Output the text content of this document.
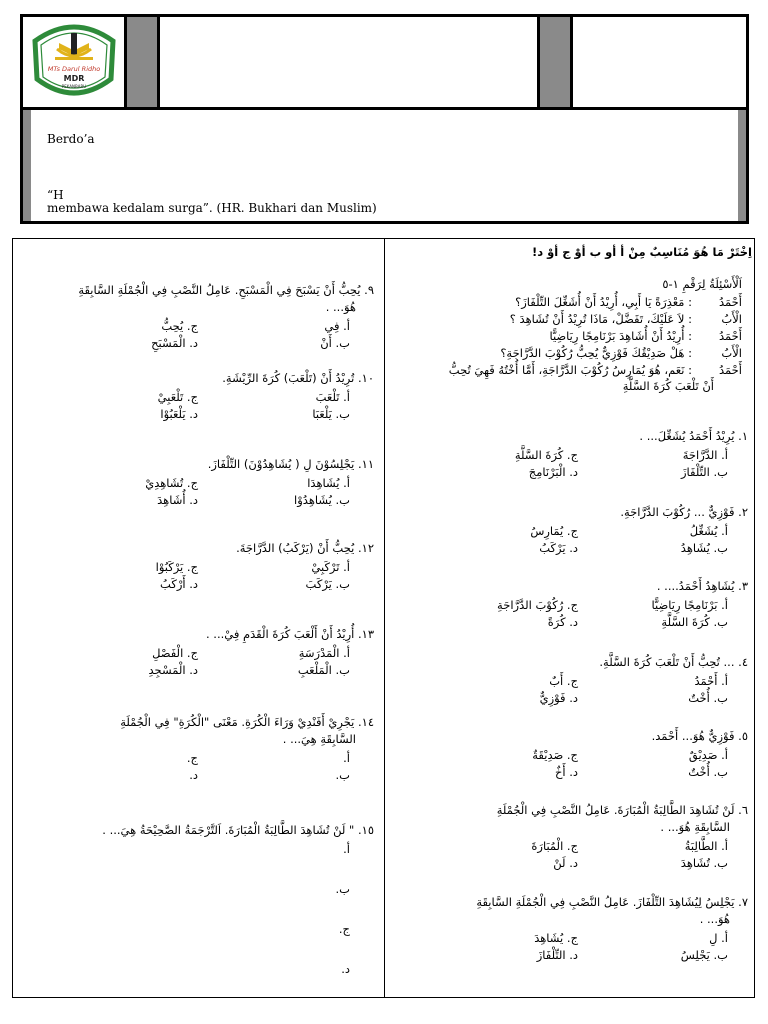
MTs Darul Ridho
MDR
PEKANBARU
Berdo’a
“H
membawa kedalam surga”. (HR. Bukhari dan Muslim)
اِخْتَرْ مَا هُوَ مُنَاسِبٌ مِنْ أ أو ب أوْ ج أوْ د!
اَلْأَسْئِلَةُ لِرَقْمِ ١-٥
أَحْمَدُ
: مَعْذِرَةً يَا أَبِي، أُرِيْدُ أَنْ أُشَغِّلَ التِّلْفَازَ؟
الْأَبُ
: لاَ عَلَيْكَ، تَفَضَّلْ، مَاذَا تُرِيْدُ أَنْ تُشَاهِدَ ؟
أَحْمَدُ
: أُرِيْدُ أَنْ أُشَاهِدَ بَرْنَامِجًا رِيَاضِيًّا
الْأَبُ
: هَلْ صَدِيْقُكَ فَوْزِيٌّ يُحِبُّ رُكُوْبَ الدَّرَّاجَةِ؟
أَحْمَدُ
: نَعَم، هُوَ يُمَارِسُ رُكُوْبَ الدَّرَّاجَةِ، أَمَّا أُخْتُهُ فَهِيَ تُحِبُّ
أَنْ تَلْعَبَ كُرَةَ السَّلَّةِ
١. يُرِيْدُ أَحْمَدُ يُشَغِّلَ... .
أ. الدَّرَّاجَةَ
ب. التِّلْفَازَ
ج. كُرَةَ السَّلَّةِ
د. الْبَرْنَامِجَ
٢. فَوْزِيٌّ ... رُكُوْبَ الدَّرَّاجَةِ.
أ. يُشَغِّلُ
ب. يُشَاهِدُ
ج. يُمَارِسُ
د. يَرْكَبُ
٣. يُشَاهِدُ أَحْمَدُ.... .
أ. بَرْنَامِجًا رِيَاضِيًّا
ب. كُرَةَ السَّلَّةِ
ج. رُكُوْبَ الدَّرَّاجَةِ
د. كُرَةً
٤. ... تُحِبُّ أَنْ تَلْعَبَ كُرَةَ السَّلَّةِ.
أ. أَحْمَدُ
ب. أُخْتٌ
ج. أَبٌ
د. فَوْزِيٌّ
٥. فَوْزِيٌّ هُوَ... أَحْمَد.
أ. صَدِيْقٌ
ب. أُخْتٌ
ج. صَدِيْقَةٌ
د. أَخٌ
٦. لَنْ تُشَاهِدَ الطَّالِبَةُ الْمُبَارَةَ. عَامِلُ النَّصْبِ فِي الْجُمْلَةِ
السَّابِقَةِ هُوَ... .
أ. الطَّالِبَةُ
ب. تُشَاهِدَ
ج. الْمُبَارَةَ
د. لَنْ
٧. يَجْلِسُ لِيُشَاهِدَ التِّلْفَازَ. عَامِلُ النَّصْبِ فِي الْجُمْلَةِ السَّابِقَةِ
هُوَ... .
أ. لِ
ب. يَجْلِسُ
ج. يُشَاهِدَ
د. التِّلْفَازَ
٩. يُحِبُّ أَنْ يَسْبَحَ فِي الْمَسْبَحِ. عَامِلُ النَّصْبِ فِي الْجُمْلَةِ السَّابِقَةِ
هُوَ... .
أ. فِي
ب. أَنْ
ج. يُحِبُّ
د. الْمَسْبَحِ
١٠. تُرِيْدُ أَنْ (تَلْعَبَ) كُرَةَ الرِّيْشَةِ.
أ. تَلْعَبَ
ب. يَلْعَبَا
ج. تَلْعَبِيْ
د. يَلْعَبُوْا
١١. يَجْلِسُوْنَ لِ ( يُشَاهِدُوْنَ) التِّلْفَازَ.
أ. يُشَاهِدَا
ب. يُشَاهِدُوْا
ج. تُشَاهِدِيْ
د. أُشَاهِدَ
١٢. يُحِبُّ أَنْ (يَرْكَبُ) الدَّرَّاجَةَ.
أ. تَرْكَبِيْ
ب. يَرْكَبَ
ج. يَرْكَبُوْا
د. أَرْكَبُ
١٣. أُرِيْدُ أَنْ أَلْعَبَ كُرَةَ الْقَدَمِ فِيْ... .
أ. الْمَدْرَسَةِ
ب. الْمَلْعَبِ
ج. الْفَصْلِ
د. الْمَسْجِدِ
١٤. يَجْرِيْ أَفَنْدِيْ وَرَاءَ الْكُرَةِ. مَعْنَى "الْكُرَةِ" فِي الْجُمْلَةِ
السَّابِقَةِ هِيَ... .
أ.
ب.
ج.
د.
١٥. " لَنْ تُشَاهِدَ الطَّالِبَةُ الْمُبَارَةَ. اَلتَّرْجَمَةُ الصَّحِيْحَةُ هِيَ... .
أ.
ب.
ج.
د.
